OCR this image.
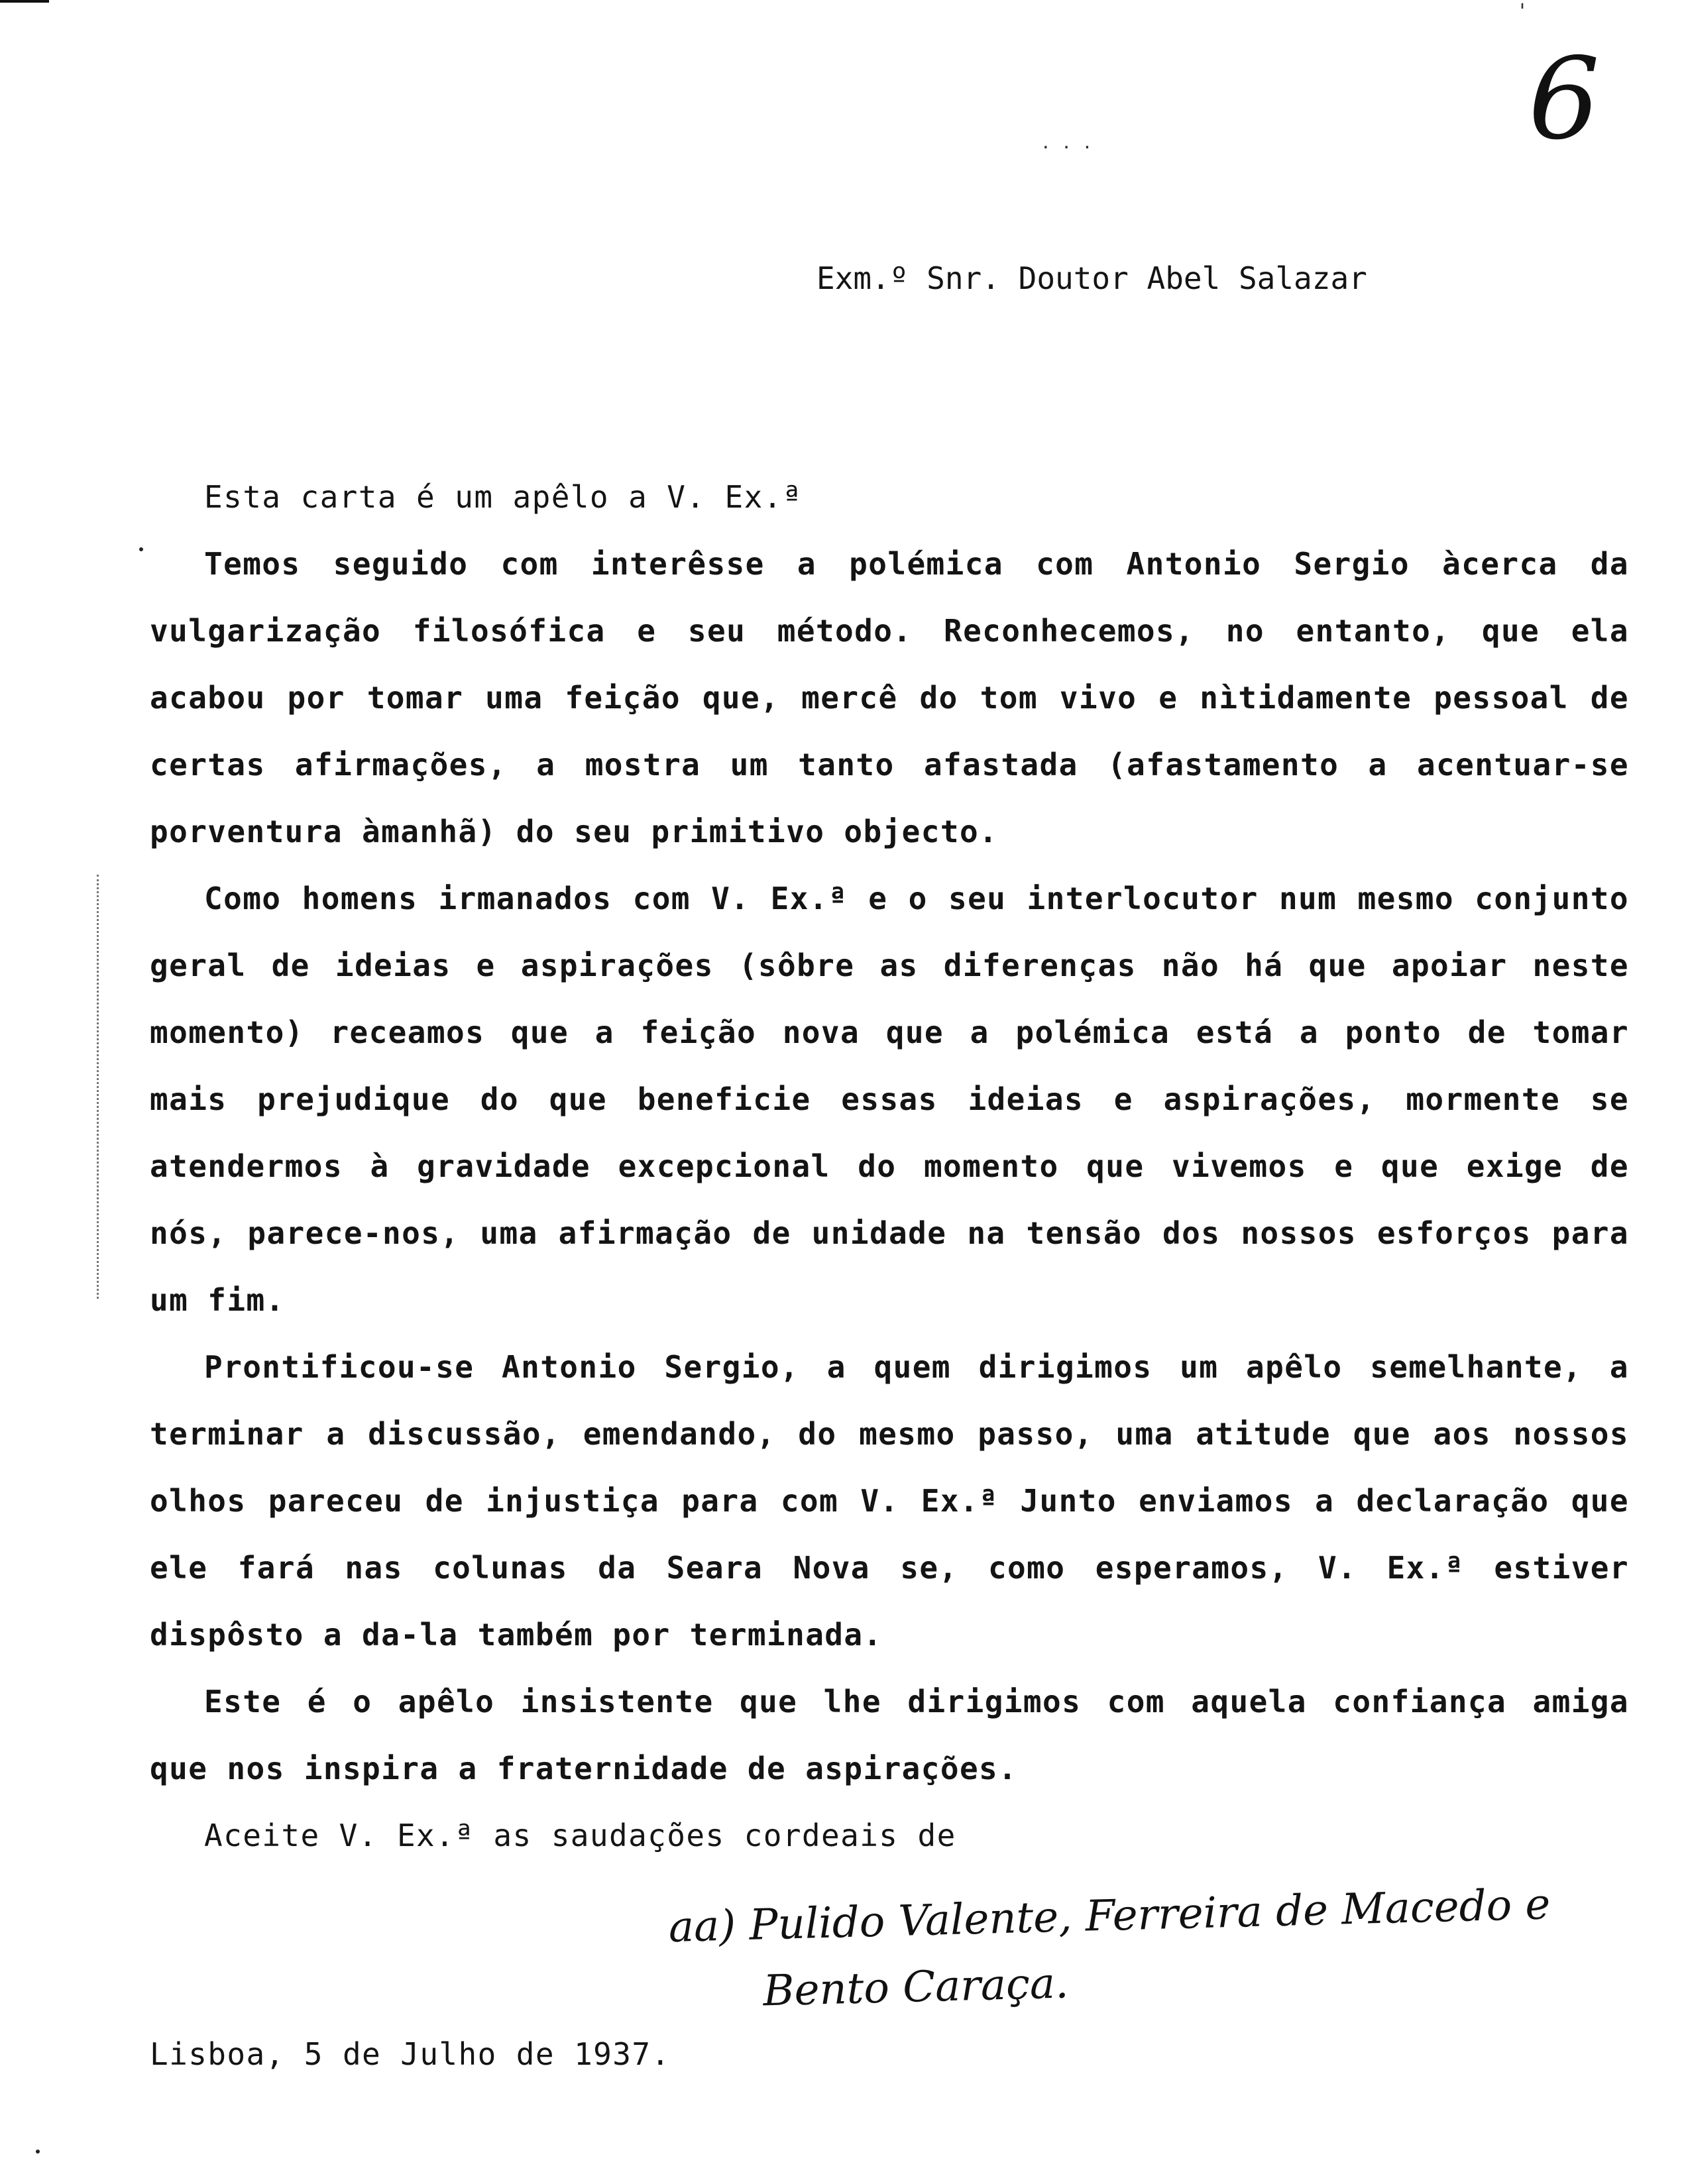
6
'
· · ·
Exm.º Snr. Doutor Abel Salazar

Esta carta é um apêlo a V. Ex.ª

Temos seguido com interêsse a polémica com Antonio Sergio àcerca da vulgarização filosófica e seu método. Reconhecemos, no entanto, que ela acabou por tomar uma feição que, mercê do tom vivo e nìtidamente pessoal de certas afirmações, a mostra um tanto afastada (afastamento a acentuar-se porventura àmanhã) do seu primitivo objecto.

Como homens irmanados com V. Ex.ª e o seu interlocutor num mesmo conjunto geral de ideias e aspirações (sôbre as diferenças não há que apoiar neste momento) receamos que a feição nova que a polémica está a ponto de tomar mais prejudique do que beneficie essas ideias e aspirações, mormente se atendermos à gravidade excepcional do momento que vivemos e que exige de nós, parece-nos, uma afirmação de unidade na tensão dos nossos esforços para um fim.

Prontificou-se Antonio Sergio, a quem dirigimos um apêlo semelhante, a terminar a discussão, emendando, do mesmo passo, uma atitude que aos nossos olhos pareceu de injustiça para com V. Ex.ª Junto enviamos a declaração que ele fará nas colunas da Seara Nova se, como esperamos, V. Ex.ª estiver dispôsto a da-la também por terminada.

Este é o apêlo insistente que lhe dirigimos com aquela confiança amiga que nos inspira a fraternidade de aspirações.

Aceite V. Ex.ª as saudações cordeais de

aa) Pulido Valente, Ferreira de Macedo e
Bento Caraça.
Lisboa, 5 de Julho de 1937.
